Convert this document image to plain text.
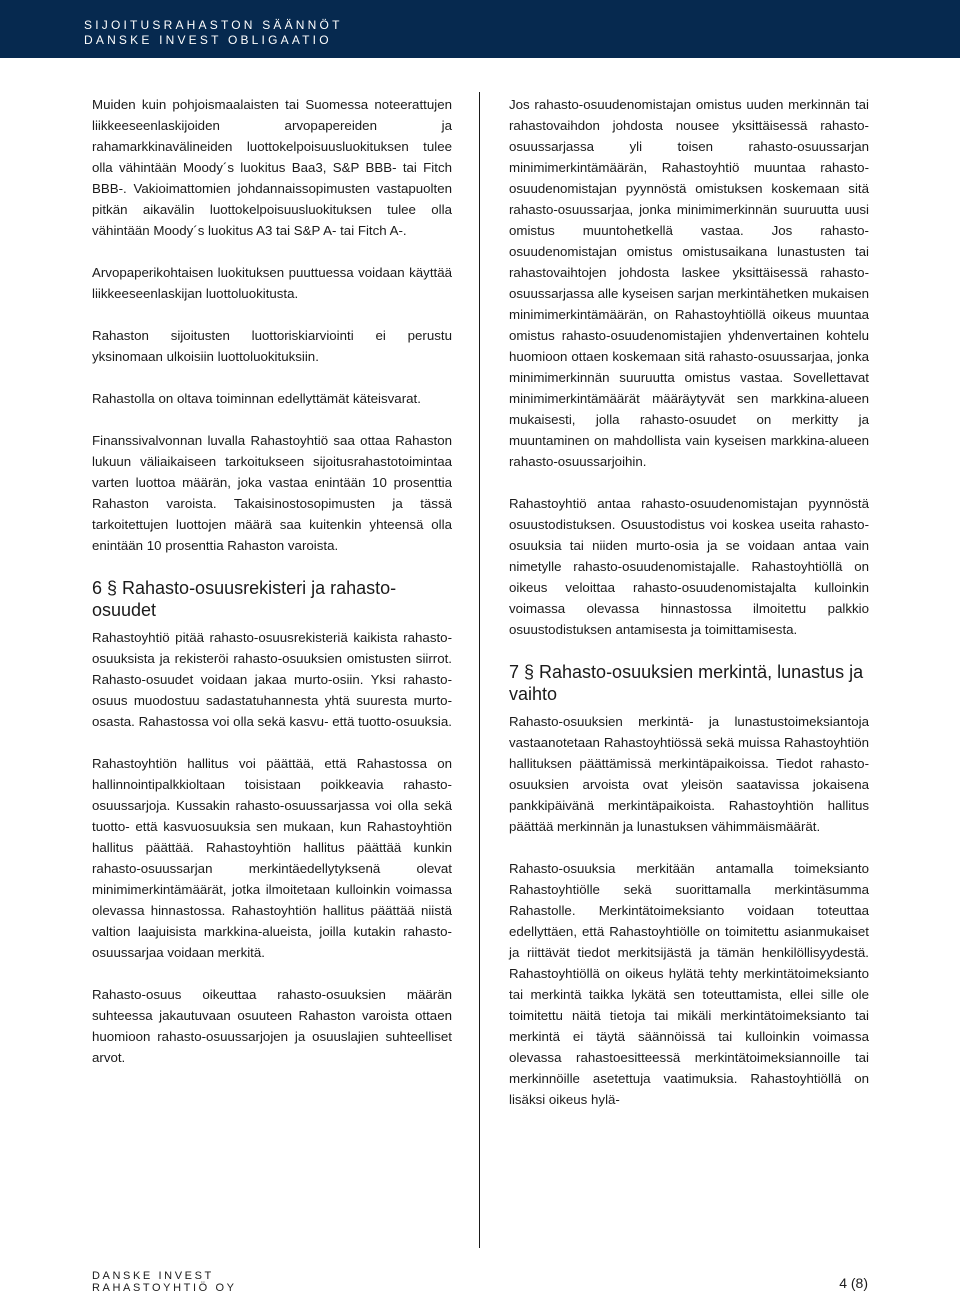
SIJOITUSRAHASTON SÄÄNNÖT
DANSKE INVEST OBLIGAATIO

Muiden kuin pohjoismaalaisten tai Suomessa noteerattujen liikkeeseenlaskijoiden arvopapereiden ja rahamarkkinavälineiden luottokelpoisuusluokituksen tulee olla vähintään Moody´s luokitus Baa3, S&P BBB- tai Fitch BBB-. Vakioimattomien johdannaissopimusten vastapuolten pitkän aikavälin luottokelpoisuusluokituksen tulee olla vähintään Moody´s luokitus A3 tai S&P A- tai Fitch A-.

Arvopaperikohtaisen luokituksen puuttuessa voidaan käyttää liikkeeseenlaskijan luottoluokitusta.

Rahaston sijoitusten luottoriskiarviointi ei perustu yksinomaan ulkoisiin luottoluokituksiin.

Rahastolla on oltava toiminnan edellyttämät käteisvarat.

Finanssivalvonnan luvalla Rahastoyhtiö saa ottaa Rahaston lukuun väliaikaiseen tarkoitukseen sijoitusrahastotoimintaa varten luottoa määrän, joka vastaa enintään 10 prosenttia Rahaston varoista. Takaisinostosopimusten ja tässä tarkoitettujen luottojen määrä saa kuitenkin yhteensä olla enintään 10 prosenttia Rahaston varoista.

6 § Rahasto-osuusrekisteri ja rahasto-osuudet

Rahastoyhtiö pitää rahasto-osuusrekisteriä kaikista rahasto-osuuksista ja rekisteröi rahasto-osuuksien omistusten siirrot. Rahasto-osuudet voidaan jakaa murto-osiin. Yksi rahasto-osuus muodostuu sadastatuhannesta yhtä suuresta murto-osasta. Rahastossa voi olla sekä kasvu- että tuotto-osuuksia.

Rahastoyhtiön hallitus voi päättää, että Rahastossa on hallinnointipalkkioltaan toisistaan poikkeavia rahasto-osuussarjoja. Kussakin rahasto-osuussarjassa voi olla sekä tuotto- että kasvuosuuksia sen mukaan, kun Rahastoyhtiön hallitus päättää. Rahastoyhtiön hallitus päättää kunkin rahasto-osuussarjan merkintäedellytyksenä olevat minimimerkintämäärät, jotka ilmoitetaan kulloinkin voimassa olevassa hinnastossa. Rahastoyhtiön hallitus päättää niistä valtion laajuisista markkina-alueista, joilla kutakin rahasto-osuussarjaa voidaan merkitä.

Rahasto-osuus oikeuttaa rahasto-osuuksien määrän suhteessa jakautuvaan osuuteen Rahaston varoista ottaen huomioon rahasto-osuussarjojen ja osuuslajien suhteelliset arvot.

Jos rahasto-osuudenomistajan omistus uuden merkinnän tai rahastovaihdon johdosta nousee yksittäisessä rahasto-osuussarjassa yli toisen rahasto-osuussarjan minimimerkintämäärän, Rahastoyhtiö muuntaa rahasto-osuudenomistajan pyynnöstä omistuksen koskemaan sitä rahasto-osuussarjaa, jonka minimimerkinnän suuruutta uusi omistus muuntohetkellä vastaa. Jos rahasto-osuudenomistajan omistus omistusaikana lunastusten tai rahastovaihtojen johdosta laskee yksittäisessä rahasto-osuussarjassa alle kyseisen sarjan merkintähetken mukaisen minimimerkintämäärän, on Rahastoyhtiöllä oikeus muuntaa omistus rahasto-osuudenomistajien yhdenvertainen kohtelu huomioon ottaen koskemaan sitä rahasto-osuussarjaa, jonka minimimerkinnän suuruutta omistus vastaa. Sovellettavat minimimerkintämäärät määräytyvät sen markkina-alueen mukaisesti, jolla rahasto-osuudet on merkitty ja muuntaminen on mahdollista vain kyseisen markkina-alueen rahasto-osuussarjoihin.

Rahastoyhtiö antaa rahasto-osuudenomistajan pyynnöstä osuustodistuksen. Osuustodistus voi koskea useita rahasto-osuuksia tai niiden murto-osia ja se voidaan antaa vain nimetylle rahasto-osuudenomistajalle. Rahastoyhtiöllä on oikeus veloittaa rahasto-osuudenomistajalta kulloinkin voimassa olevassa hinnastossa ilmoitettu palkkio osuustodistuksen antamisesta ja toimittamisesta.

7 § Rahasto-osuuksien merkintä, lunastus ja vaihto

Rahasto-osuuksien merkintä- ja lunastustoimeksiantoja vastaanotetaan Rahastoyhtiössä sekä muissa Rahastoyhtiön hallituksen päättämissä merkintäpaikoissa. Tiedot rahasto-osuuksien arvoista ovat yleisön saatavissa jokaisena pankkipäivänä merkintäpaikoista. Rahastoyhtiön hallitus päättää merkinnän ja lunastuksen vähimmäismäärät.

Rahasto-osuuksia merkitään antamalla toimeksianto Rahastoyhtiölle sekä suorittamalla merkintäsumma Rahastolle. Merkintätoimeksianto voidaan toteuttaa edellyttäen, että Rahastoyhtiölle on toimitettu asianmukaiset ja riittävät tiedot merkitsijästä ja tämän henkilöllisyydestä. Rahastoyhtiöllä on oikeus hylätä tehty merkintätoimeksianto tai merkintä taikka lykätä sen toteuttamista, ellei sille ole toimitettu näitä tietoja tai mikäli merkintätoimeksianto tai merkintä ei täytä säännöissä tai kulloinkin voimassa olevassa rahastoesitteessä merkintätoimeksiannoille tai merkinnöille asetettuja vaatimuksia. Rahastoyhtiöllä on lisäksi oikeus hylä-

DANSKE INVEST
RAHASTOYHTIÖ OY	4 (8)
